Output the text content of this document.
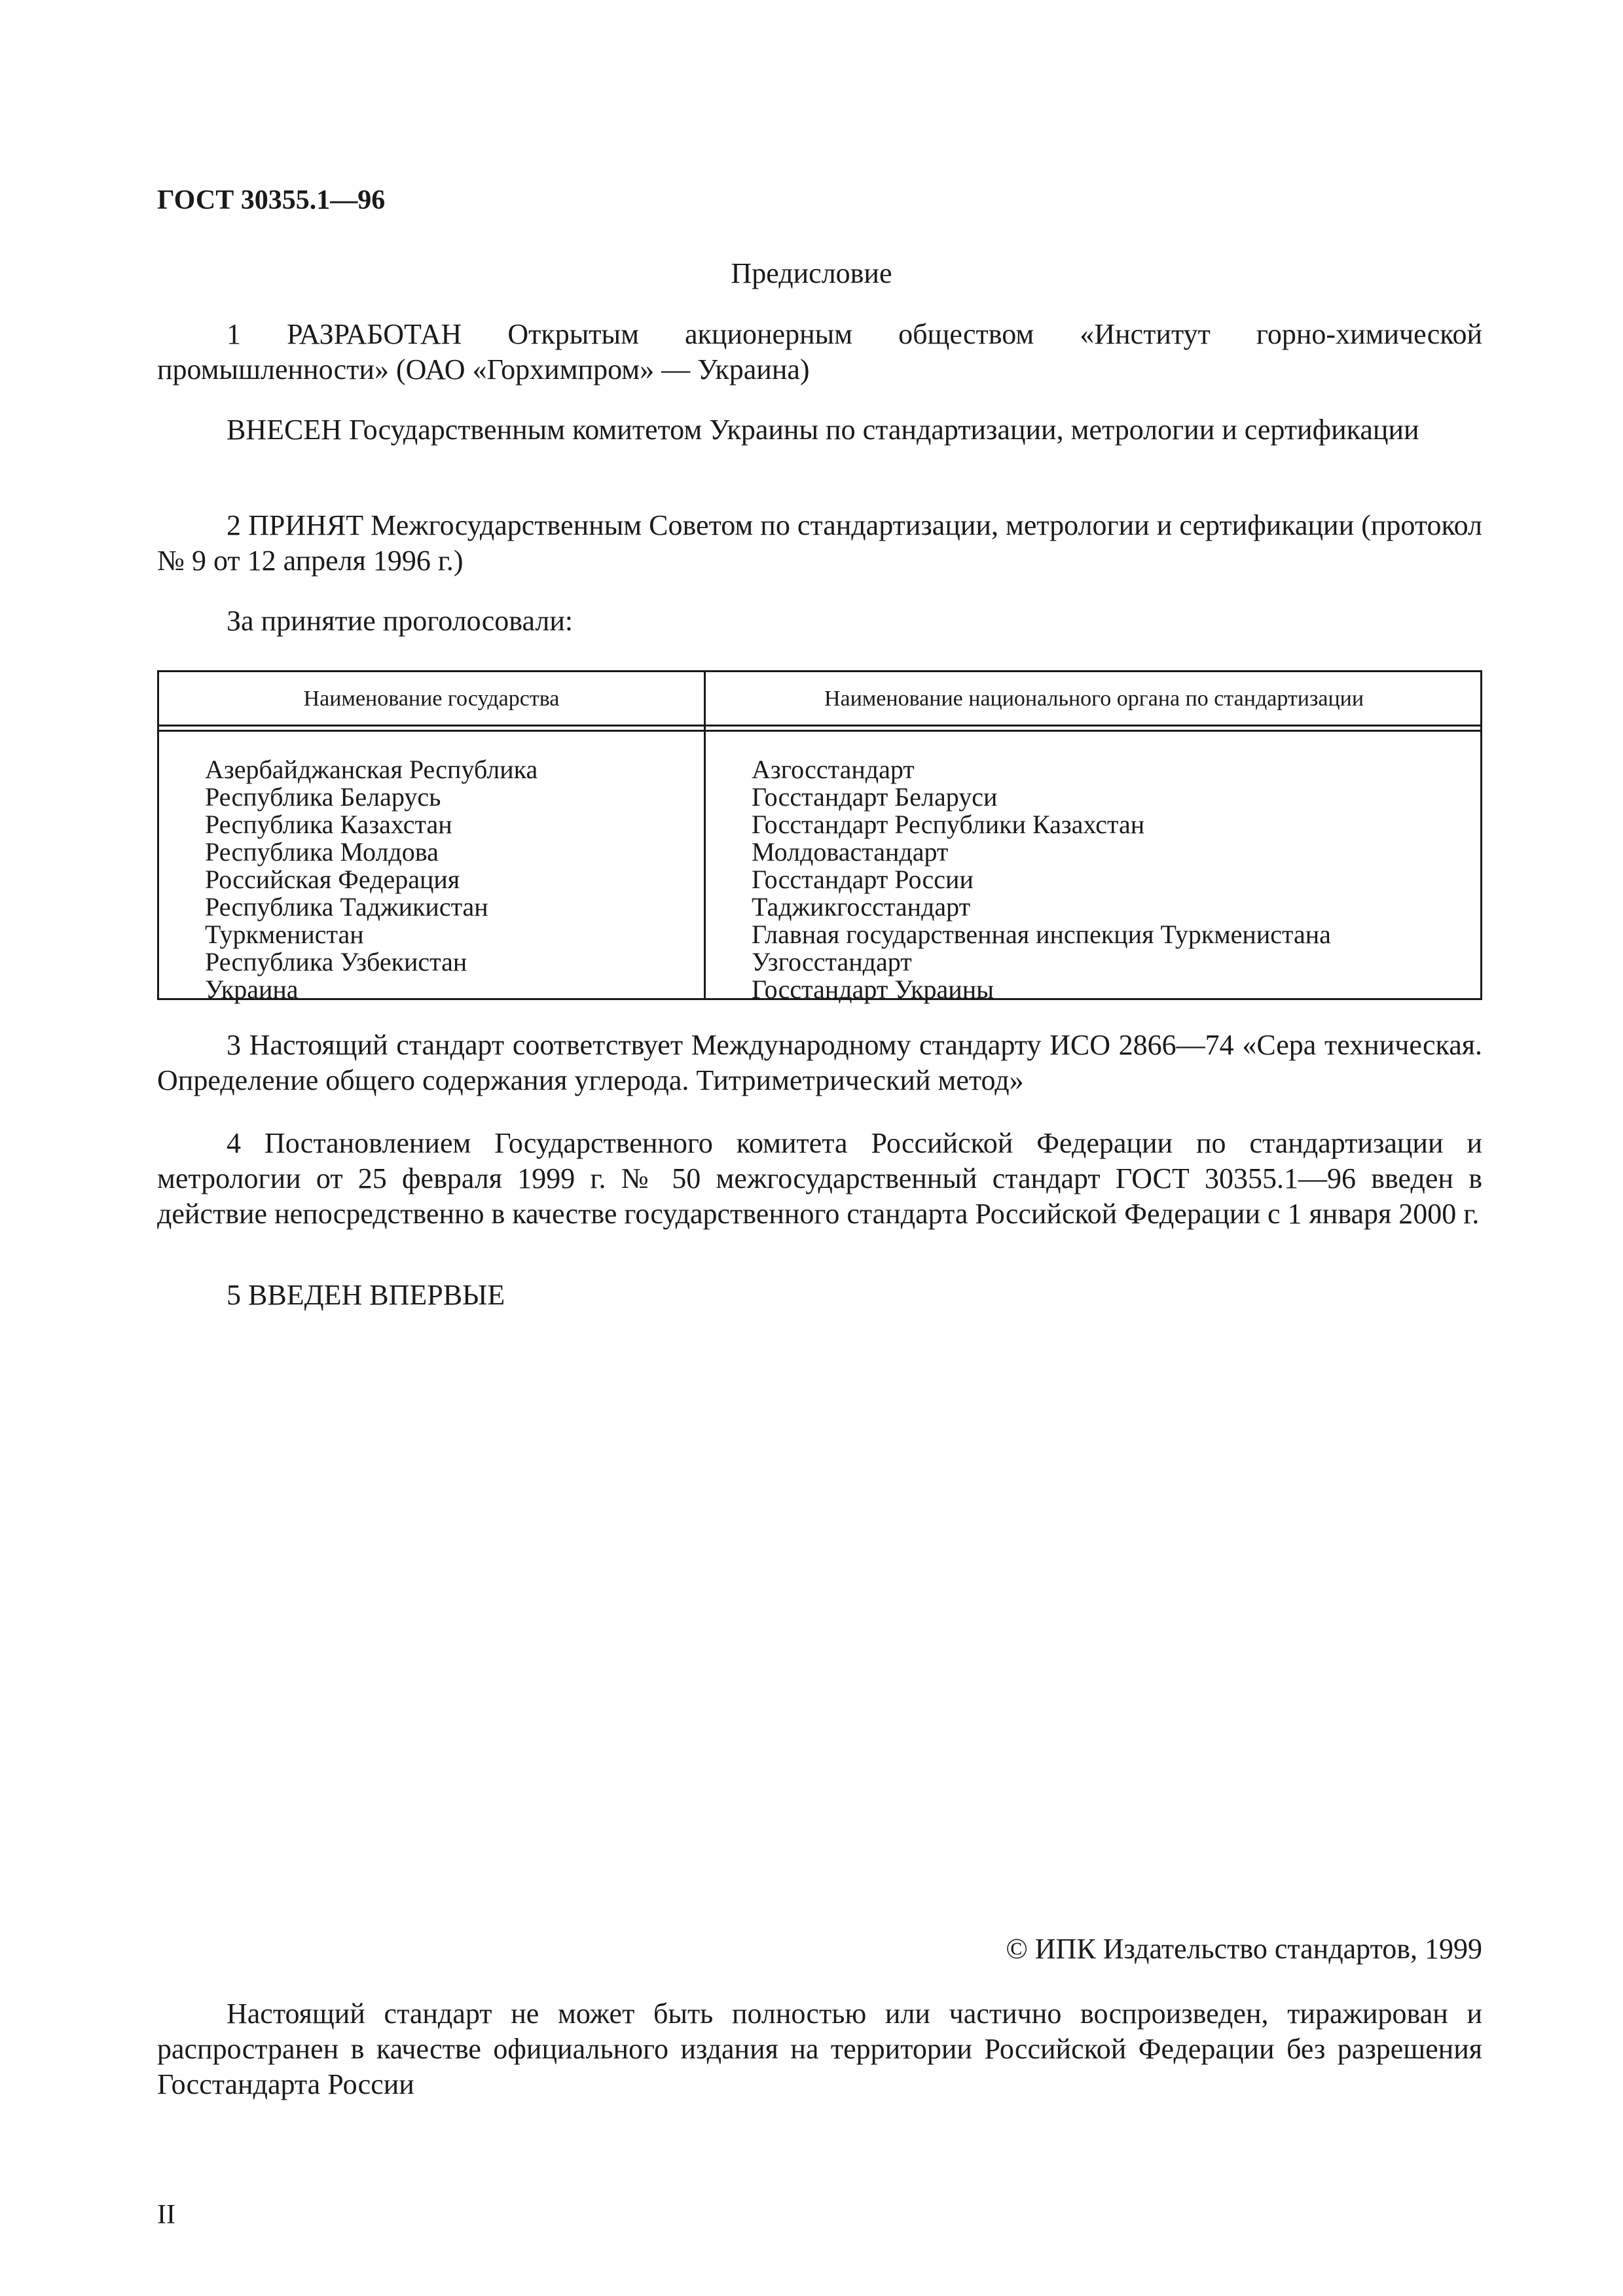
ГОСТ 30355.1—96
Предисловие
1 РАЗРАБОТАН Открытым акционерным обществом «Институт горно-химической промышленности» (ОАО «Горхимпром» — Украина)
ВНЕСЕН Государственным комитетом Украины по стандартизации, метрологии и сертификации
2 ПРИНЯТ Межгосударственным Советом по стандартизации, метрологии и сертификации (протокол № 9 от 12 апреля 1996 г.)
За принятие проголосовали:
Наименование государства	Наименование национального органа по стандартизации
Азербайджанская Республика
Республика Беларусь
Республика Казахстан
Республика Молдова
Российская Федерация
Республика Таджикистан
Туркменистан
Республика Узбекистан
Украина
Азгосстандарт
Госстандарт Беларуси
Госстандарт Республики Казахстан
Молдовастандарт
Госстандарт России
Таджикгосстандарт
Главная государственная инспекция Туркменистана
Узгосстандарт
Госстандарт Украины
3 Настоящий стандарт соответствует Международному стандарту ИСО 2866—74 «Сера техническая. Определение общего содержания углерода. Титриметрический метод»
4 Постановлением Государственного комитета Российской Федерации по стандартизации и метрологии от 25 февраля 1999 г. № 50 межгосударственный стандарт ГОСТ 30355.1—96 введен в действие непосредственно в качестве государственного стандарта Российской Федерации с 1 января 2000 г.
5 ВВЕДЕН ВПЕРВЫЕ
© ИПК Издательство стандартов, 1999
Настоящий стандарт не может быть полностью или частично воспроизведен, тиражирован и распространен в качестве официального издания на территории Российской Федерации без разрешения Госстандарта России
II
